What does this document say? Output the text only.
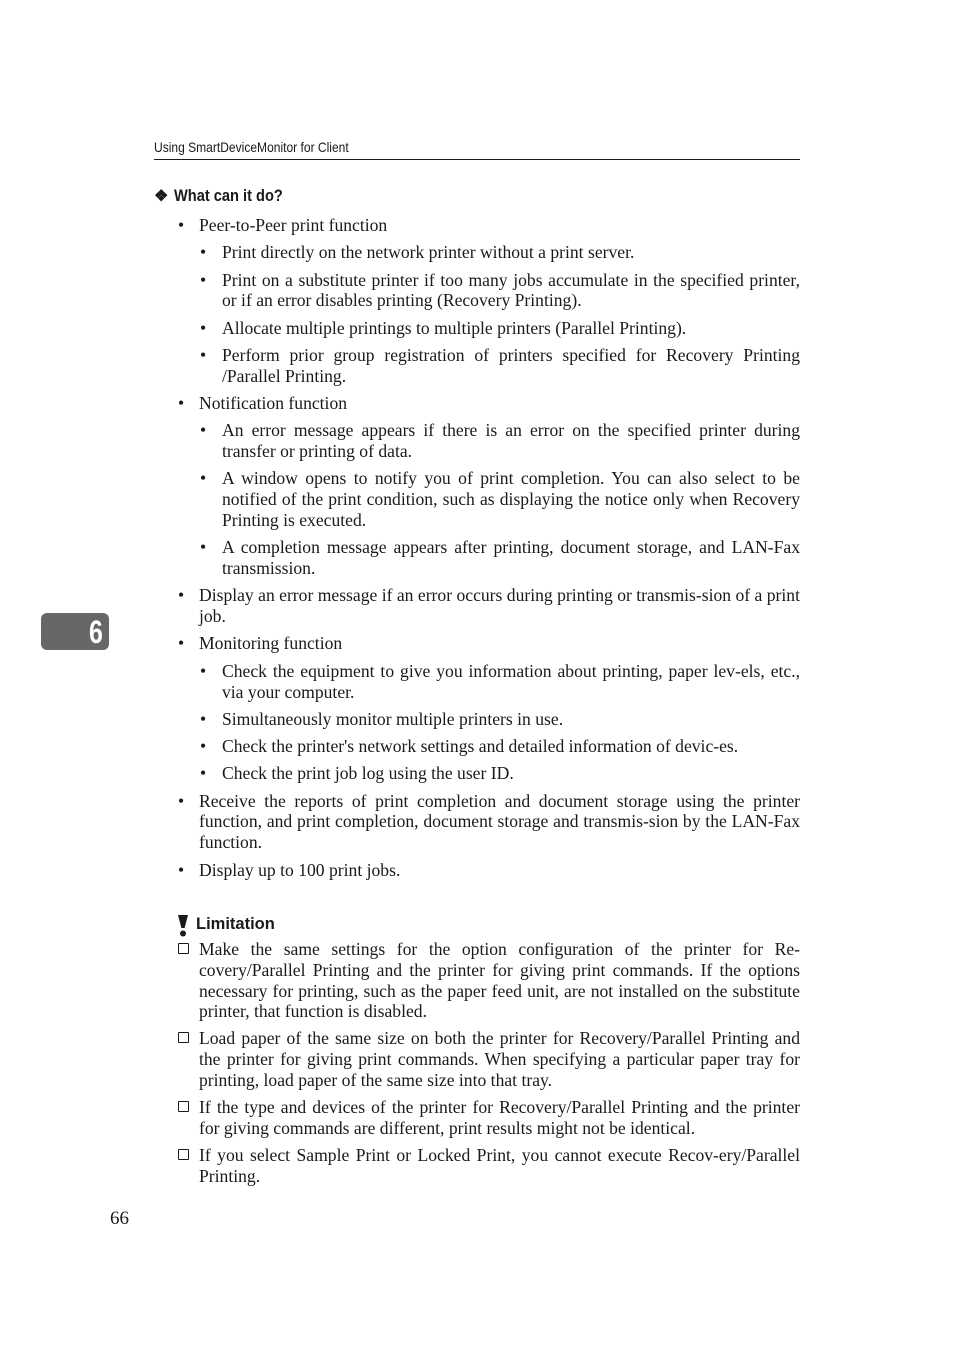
Using SmartDeviceMonitor for Client
❖ What can it do?
• Peer-to-Peer print function
• Print directly on the network printer without a print server.
• Print on a substitute printer if too many jobs accumulate in the specified printer, or if an error disables printing (Recovery Printing).
• Allocate multiple printings to multiple printers (Parallel Printing).
• Perform prior group registration of printers specified for Recovery Printing /Parallel Printing.
• Notification function
• An error message appears if there is an error on the specified printer during transfer or printing of data.
• A window opens to notify you of print completion. You can also select to be notified of the print condition, such as displaying the notice only when Recovery Printing is executed.
• A completion message appears after printing, document storage, and LAN-Fax transmission.
• Display an error message if an error occurs during printing or transmis-sion of a print job.
• Monitoring function
• Check the equipment to give you information about printing, paper lev-els, etc., via your computer.
• Simultaneously monitor multiple printers in use.
• Check the printer's network settings and detailed information of devic-es.
• Check the print job log using the user ID.
• Receive the reports of print completion and document storage using the printer function, and print completion, document storage and transmis-sion by the LAN-Fax function.
• Display up to 100 print jobs.
Limitation
Make the same settings for the option configuration of the printer for Re-covery/Parallel Printing and the printer for giving print commands. If the options necessary for printing, such as the paper feed unit, are not installed on the substitute printer, that function is disabled.
Load paper of the same size on both the printer for Recovery/Parallel Printing and the printer for giving print commands. When specifying a particular paper tray for printing, load paper of the same size into that tray.
If the type and devices of the printer for Recovery/Parallel Printing and the printer for giving commands are different, print results might not be identical.
If you select Sample Print or Locked Print, you cannot execute Recov-ery/Parallel Printing.
6
66
